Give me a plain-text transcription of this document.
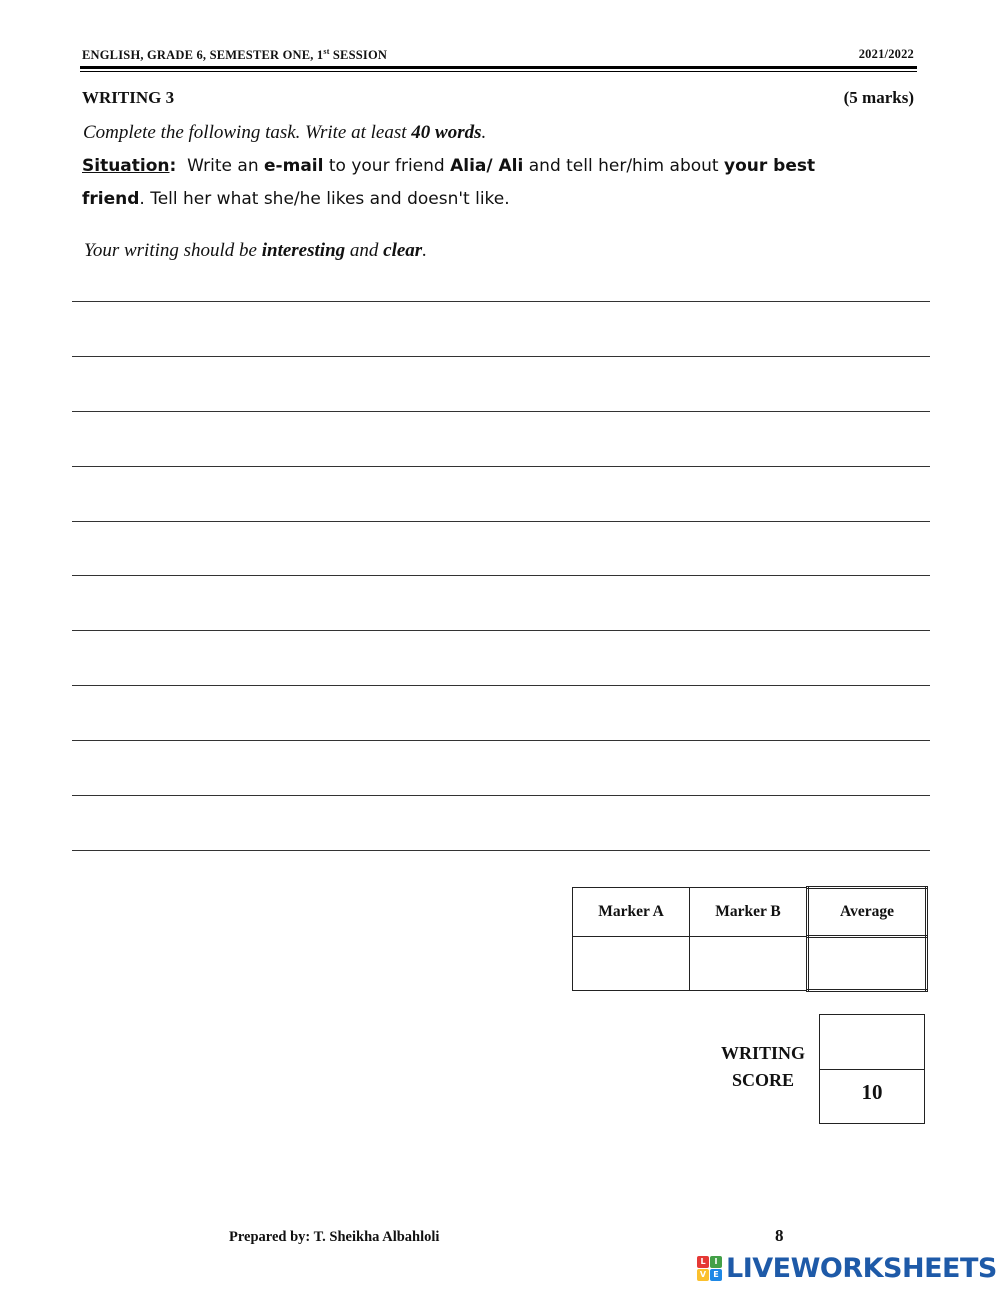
ENGLISH, GRADE 6, SEMESTER ONE, 1st SESSION	2021/2022
WRITING 3	(5 marks)
Complete the following task. Write at least 40 words.
Situation:  Write an e-mail to your friend Alia/ Ali and tell her/him about your best
friend. Tell her what she/he likes and doesn't like.
Your writing should be interesting and clear.
Marker A	Marker B	Average

WRITING
SCORE	10
Prepared by: T. Sheikha Albahloli	8
L	I
V E LIVEWORKSHEETS
